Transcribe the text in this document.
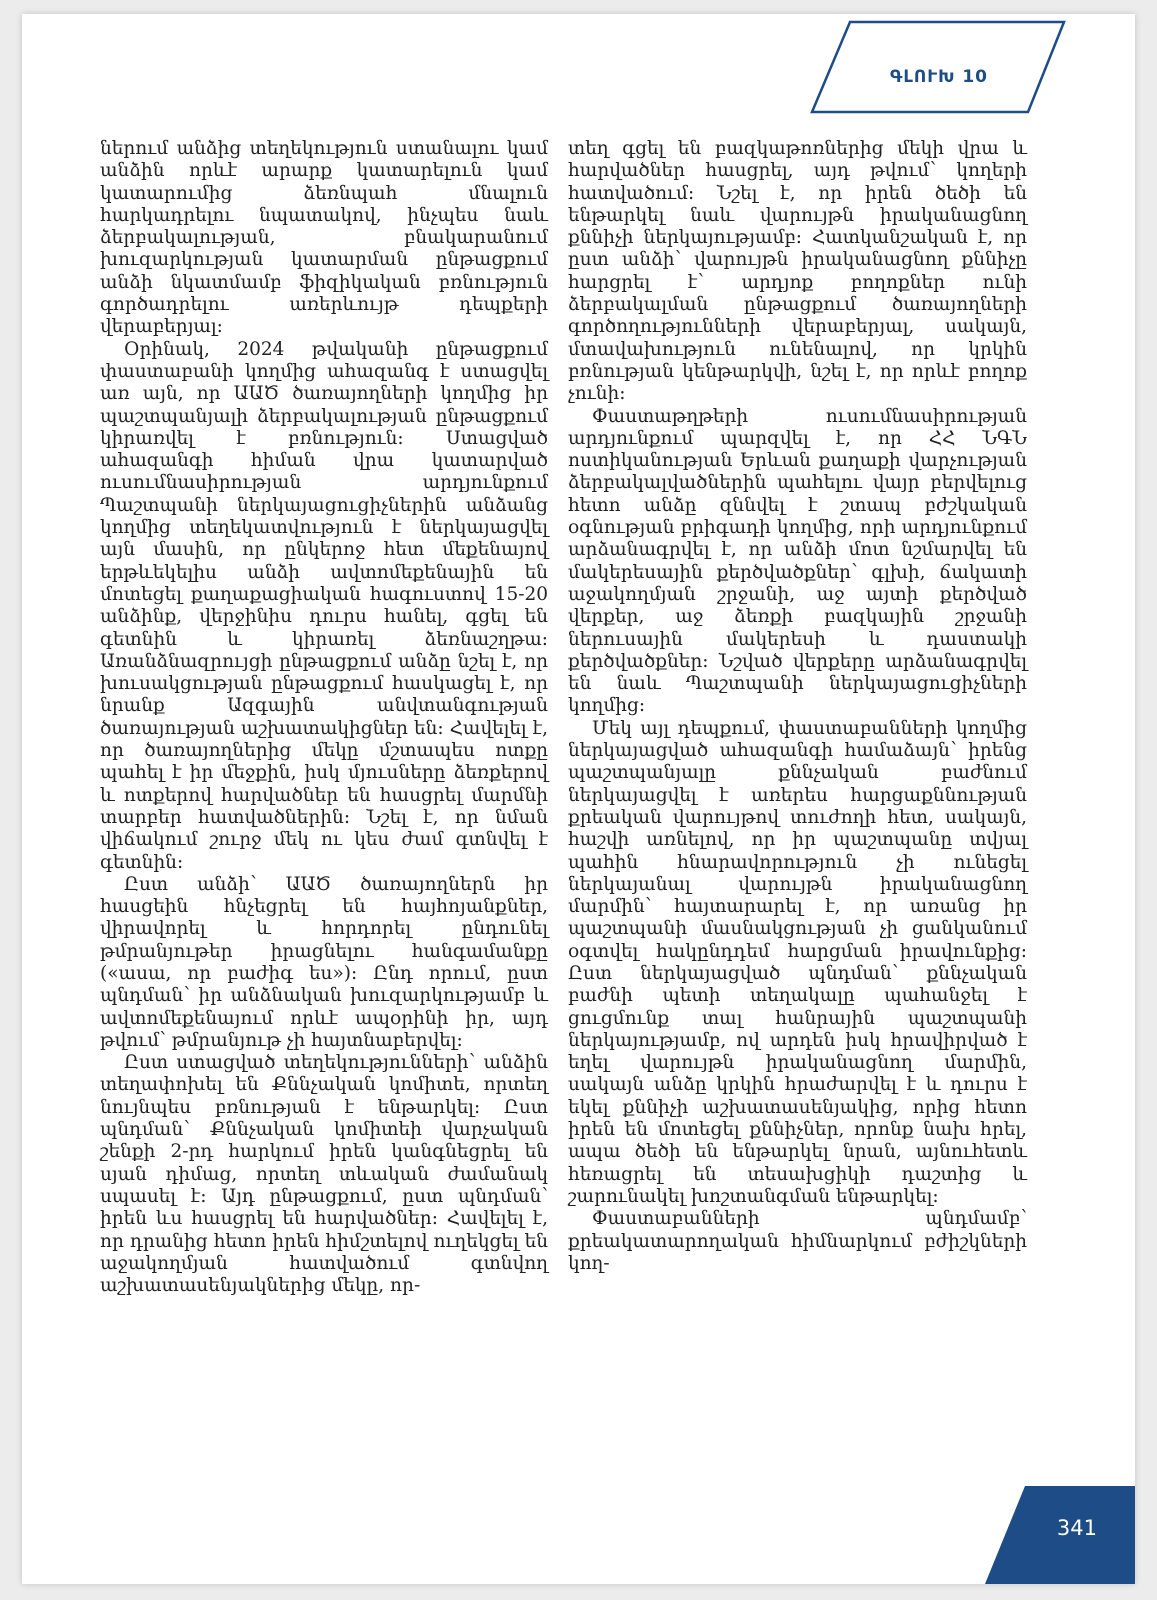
ԳԼՈՒԽ 10

ներում անձից տեղեկություն ստանալու կամ անձին որևէ արարք կատարելուն կամ կատարումից ձեռնպահ մնալուն հարկադրելու նպատակով, ինչպես նաև ձերբակալության, բնակարանում խուզարկության կատարման ընթացքում անձի նկատմամբ ֆիզիկական բռնություն գործադրելու առերևույթ դեպքերի վերաբերյալ:

Օրինակ, 2024 թվականի ընթացքում փաստաբանի կողմից ահազանգ է ստացվել առ այն, որ ԱԱԾ ծառայողների կողմից իր պաշտպանյալի ձերբակալության ընթացքում կիրառվել է բռնություն: Ստացված ահազանգի հիման վրա կատարված ուսումնասիրության արդյունքում Պաշտպանի ներկայացուցիչներին անձանց կողմից տեղեկատվություն է ներկայացվել այն մասին, որ ընկերոջ հետ մեքենայով երթևեկելիս անձի ավտոմեքենային են մոտեցել քաղաքացիական հագուստով 15-20 անձինք, վերջինիս դուրս հանել, գցել են գետնին և կիրառել ձեռնաշղթա: Առանձնազրույցի ընթացքում անձը նշել է, որ խուսակցության ընթացքում հասկացել է, որ նրանք Ազգային անվտանգության ծառայության աշխատակիցներ են: Հավելել է, որ ծառայողներից մեկը մշտապես ոտքը պահել է իր մեջքին, իսկ մյուսները ձեռքերով և ոտքերով հարվածներ են հասցրել մարմնի տարբեր հատվածներին: Նշել է, որ նման վիճակում շուրջ մեկ ու կես ժամ գտնվել է գետնին:

Ըստ անձի՝ ԱԱԾ ծառայողներն իր հասցեին հնչեցրել են հայհոյանքներ, վիրավորել և հորդորել ընդունել թմրանյութեր իրացնելու հանգամանքը («ասա, որ բաժիգ ես»): Ընդ որում, ըստ պնդման՝ իր անձնական խուզարկությամբ և ավտոմեքենայում որևէ ապօրինի իր, այդ թվում՝ թմրանյութ չի հայտնաբերվել:

Ըստ ստացված տեղեկությունների՝ անձին տեղափոխել են Քննչական կոմիտե, որտեղ նույնպես բռնության է ենթարկել: Ըստ պնդման՝ Քննչական կոմիտեի վարչական շենքի 2-րդ հարկում իրեն կանգնեցրել են սյան դիմաց, որտեղ տևական ժամանակ սպասել է: Այդ ընթացքում, ըստ պնդման՝ իրեն ևս հասցրել են հարվածներ: Հավելել է, որ դրանից հետո իրեն հիմշտելով ուղեկցել են աջակողմյան հատվածում գտնվող աշխատասենյակներից մեկը, որ-

տեղ գցել են բազկաթոռներից մեկի վրա և հարվածներ հասցրել, այդ թվում՝ կողերի հատվածում: Նշել է, որ իրեն ծեծի են ենթարկել նաև վարույթն իրականացնող քննիչի ներկայությամբ: Հատկանշական է, որ ըստ անձի՝ վարույթն իրականացնող քննիչը հարցրել է՝ արդյոք բողոքներ ունի ձերբակալման ընթացքում ծառայողների գործողությունների վերաբերյալ, սակայն, մտավախություն ունենալով, որ կրկին բռնության կենթարկվի, նշել է, որ որևէ բողոք չունի:

Փաստաթղթերի ուսումնասիրության արդյունքում պարզվել է, որ ՀՀ ՆԳՆ ոստիկանության Երևան քաղաքի վարչության ձերբակալվածներին պահելու վայր բերվելուց հետո անձը զննվել է շտապ բժշկական օգնության բրիգադի կողմից, որի արդյունքում արձանագրվել է, որ անձի մոտ նշմարվել են մակերեսային քերծվածքներ՝ գլխի, ճակատի աջակողմյան շրջանի, աջ այտի քերծված վերքեր, աջ ձեռքի բազկային շրջանի ներուսային մակերեսի և դաստակի քերծվածքներ: Նշված վերքերը արձանագրվել են նաև Պաշտպանի ներկայացուցիչների կողմից:

Մեկ այլ դեպքում, փաստաբանների կողմից ներկայացված ահազանգի համաձայն՝ իրենց պաշտպանյալը քննչական բաժնում ներկայացվել է առերես հարցաքննության քրեական վարույթով տուժողի հետ, սակայն, հաշվի առնելով, որ իր պաշտպանը տվյալ պահին հնարավորություն չի ունեցել ներկայանալ վարույթն իրականացնող մարմին՝ հայտարարել է, որ առանց իր պաշտպանի մասնակցության չի ցանկանում օգտվել հակընդդեմ հարցման իրավունքից: Ըստ ներկայացված պնդման՝ քննչական բաժնի պետի տեղակալը պահանջել է ցուցմունք տալ հանրային պաշտպանի ներկայությամբ, ով արդեն իսկ հրավիրված է եղել վարույթն իրականացնող մարմին, սակայն անձը կրկին հրաժարվել է և դուրս է եկել քննիչի աշխատասենյակից, որից հետո իրեն են մոտեցել քննիչներ, որոնք նախ հրել, ապա ծեծի են ենթարկել նրան, այնուհետև հեռացրել են տեսախցիկի դաշտից և շարունակել խոշտանգման ենթարկել:

Փաստաբանների պնդմամբ՝ քրեակատարողական հիմնարկում բժիշկների կող-

341
